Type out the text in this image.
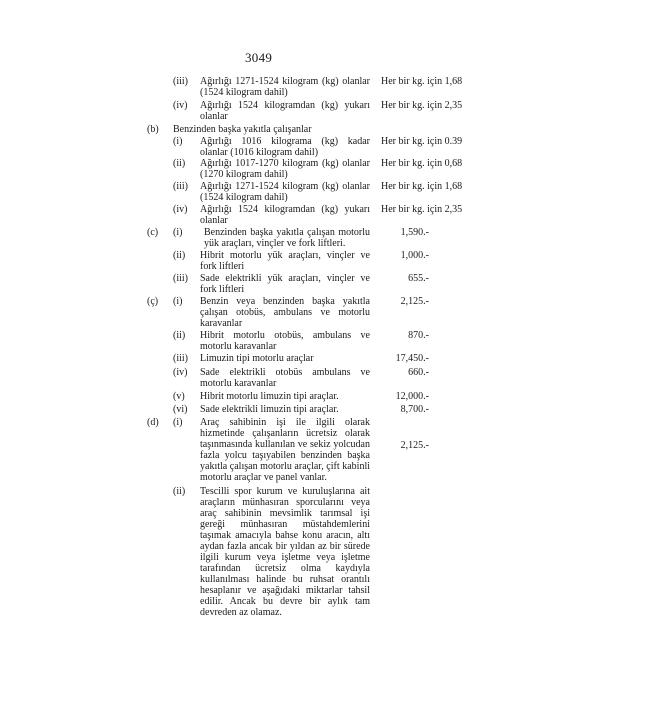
3049
(iii) Ağırlığı 1271-1524 kilogram (kg) olanlar (1524 kilogram dahil)
Her bir kg. için 1,68
(iv) Ağırlığı 1524 kilogramdan (kg) yukarı olanlar
Her bir kg. için 2,35
(b) Benzinden başka yakıtla çalışanlar
(i) Ağırlığı 1016 kilograma (kg) kadar olanlar (1016 kilogram dahil)
Her bir kg. için 0.39
(ii) Ağırlığı 1017-1270 kilogram (kg) olanlar (1270 kilogram dahil)
Her bir kg. için 0,68
(iii) Ağırlığı 1271-1524 kilogram (kg) olanlar (1524 kilogram dahil)
Her bir kg. için 1,68
(iv) Ağırlığı 1524 kilogramdan (kg) yukarı olanlar
Her bir kg. için 2,35
(c) (i) Benzinden başka yakıtla çalışan motorlu yük araçları, vinçler ve fork liftleri.
1,590.-
(ii) Hibrit motorlu yük araçları, vinçler ve fork liftleri
1,000.-
(iii) Sade elektrikli yük araçları, vinçler ve fork liftleri
655.-
(ç) (i) Benzin veya benzinden başka yakıtla çalışan otobüs, ambulans ve motorlu karavanlar
2,125.-
(ii) Hibrit motorlu otobüs, ambulans ve motorlu karavanlar
870.-
(iii) Limuzin tipi motorlu araçlar	17,450.-
(iv) Sade elektrikli otobüs ambulans ve motorlu karavanlar
660.-
(v) Hibrit motorlu limuzin tipi araçlar.	12,000.-
(vi) Sade elektrikli limuzin tipi araçlar.	8,700.-
(d) (i) Araç sahibinin işi ile ilgili olarak hizmetinde çalışanların ücretsiz olarak taşınmasında kullanılan ve sekiz yolcudan fazla yolcu taşıyabilen benzinden başka yakıtla çalışan motorlu araçlar, çift kabinli motorlu araçlar ve panel vanlar.
2,125.-
(ii) Tescilli spor kurum ve kuruluşlarına ait araçların münhasıran sporcularını veya araç sahibinin mevsimlik tarımsal işi gereği münhasıran müstahdemlerini taşımak amacıyla bahse konu aracın, altı aydan fazla ancak bir yıldan az bir sürede ilgili kurum veya işletme veya işletme tarafından ücretsiz olma kaydıyla kullanılması halinde bu ruhsat orantılı hesaplanır ve aşağıdaki miktarlar tahsil edilir. Ancak bu devre bir aylık tam devreden az olamaz.
